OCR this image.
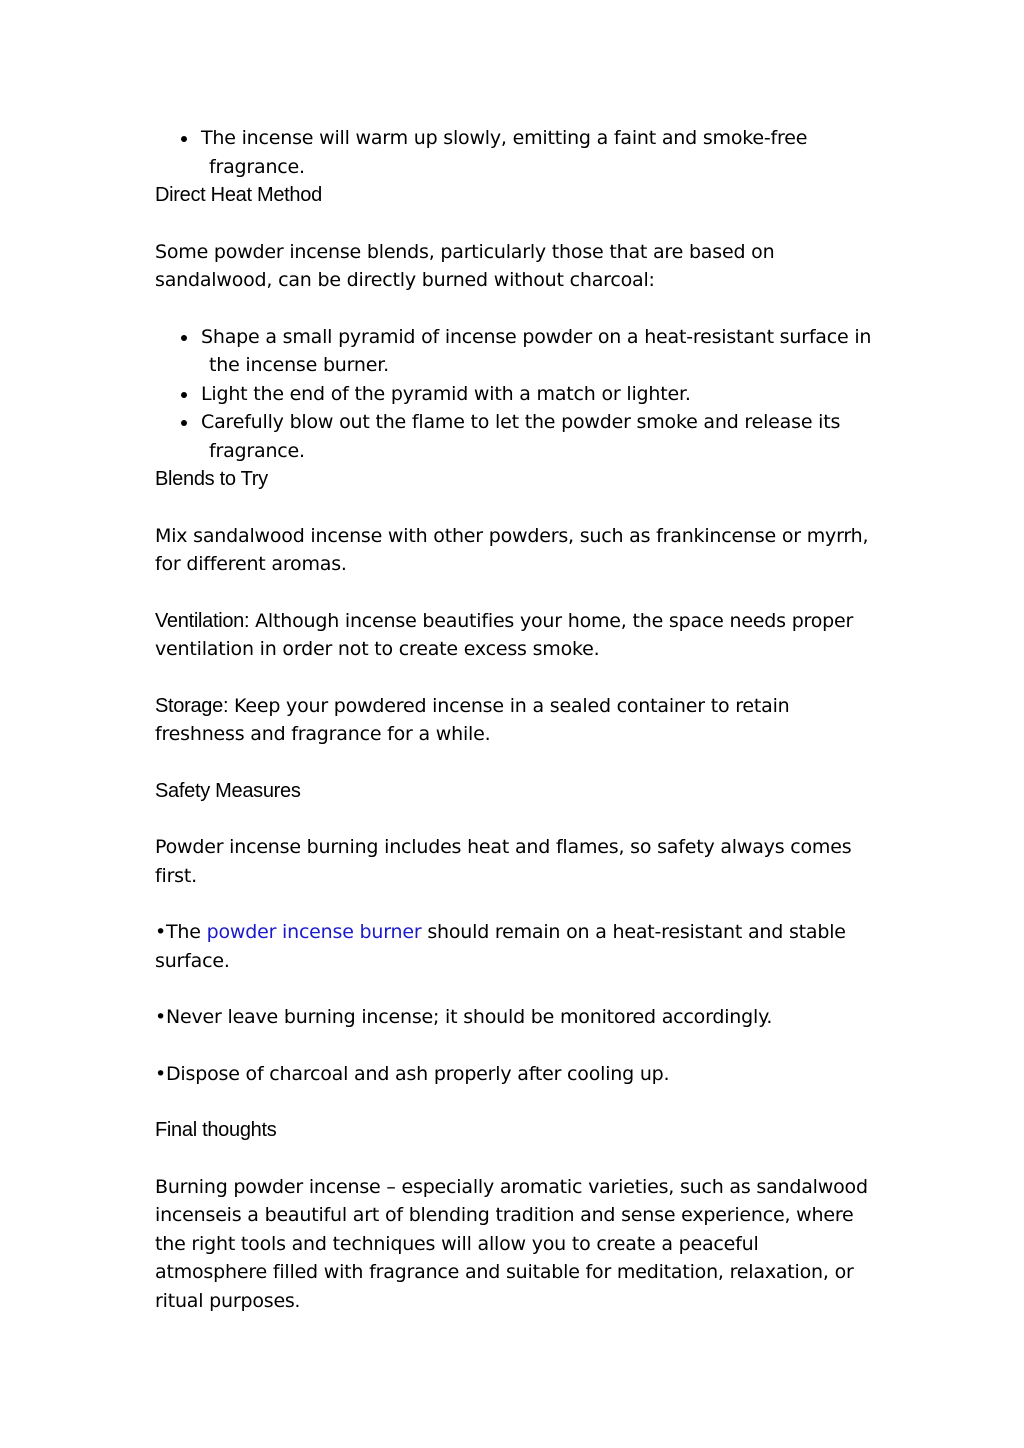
The incense will warm up slowly, emitting a faint and smoke-free fragrance.

Direct Heat Method

Some powder incense blends, particularly those that are based on sandalwood, can be directly burned without charcoal:

Shape a small pyramid of incense powder on a heat-resistant surface in the incense burner.
Light the end of the pyramid with a match or lighter.
Carefully blow out the flame to let the powder smoke and release its fragrance.

Blends to Try

Mix sandalwood incense with other powders, such as frankincense or myrrh, for different aromas.

Ventilation: Although incense beautifies your home, the space needs proper ventilation in order not to create excess smoke.

Storage: Keep your powdered incense in a sealed container to retain freshness and fragrance for a while.

Safety Measures

Powder incense burning includes heat and flames, so safety always comes first.

•The powder incense burner should remain on a heat-resistant and stable surface.

•Never leave burning incense; it should be monitored accordingly.

•Dispose of charcoal and ash properly after cooling up.

Final thoughts

Burning powder incense – especially aromatic varieties, such as sandalwood incenseis a beautiful art of blending tradition and sense experience, where the right tools and techniques will allow you to create a peaceful atmosphere filled with fragrance and suitable for meditation, relaxation, or ritual purposes.
